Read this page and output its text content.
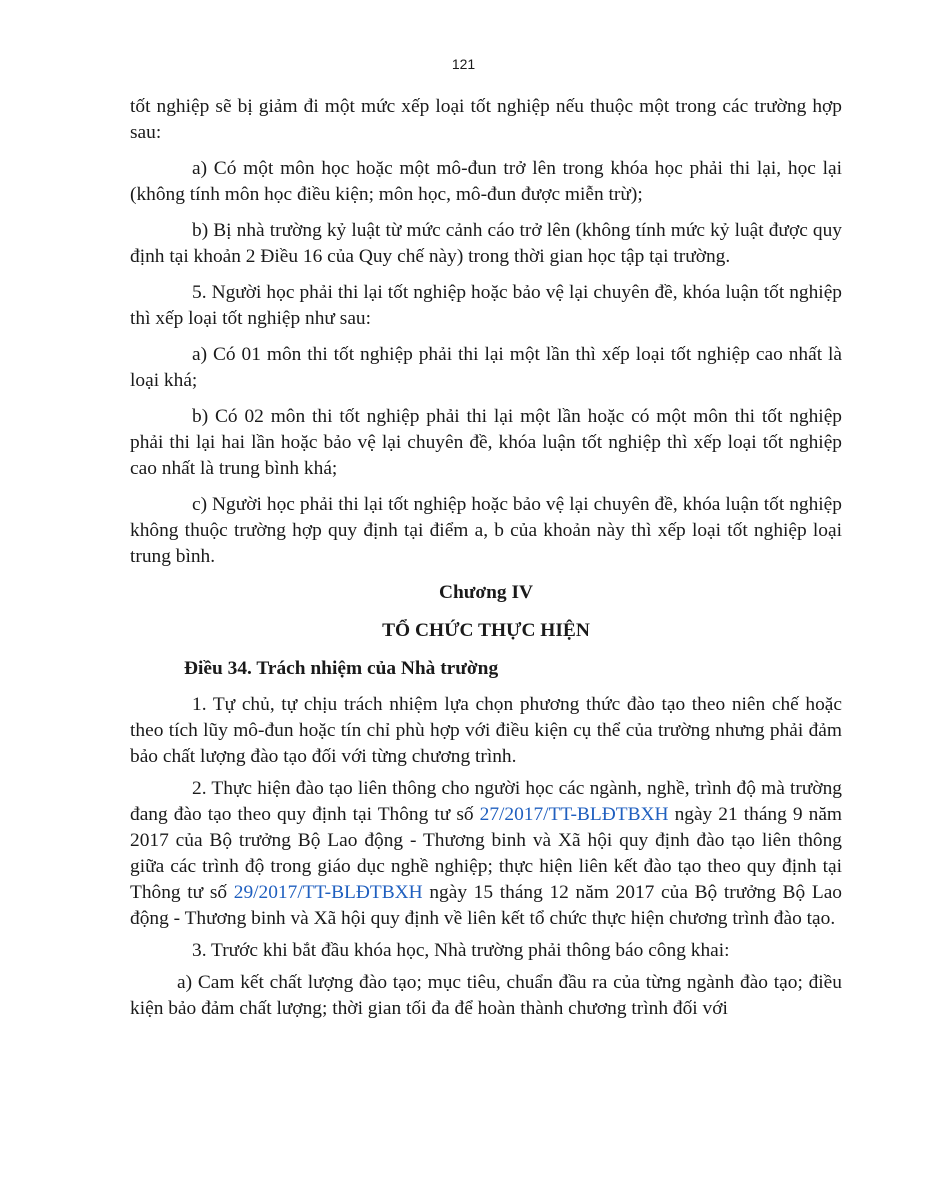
121

tốt nghiệp sẽ bị giảm đi một mức xếp loại tốt nghiệp nếu thuộc một trong các trường hợp sau:

a) Có một môn học hoặc một mô-đun trở lên trong khóa học phải thi lại, học lại (không tính môn học điều kiện; môn học, mô-đun được miễn trừ);

b) Bị nhà trường kỷ luật từ mức cảnh cáo trở lên (không tính mức kỷ luật được quy định tại khoản 2 Điều 16 của Quy chế này) trong thời gian học tập tại trường.

5. Người học phải thi lại tốt nghiệp hoặc bảo vệ lại chuyên đề, khóa luận tốt nghiệp thì xếp loại tốt nghiệp như sau:

a) Có 01 môn thi tốt nghiệp phải thi lại một lần thì xếp loại tốt nghiệp cao nhất là loại khá;

b) Có 02 môn thi tốt nghiệp phải thi lại một lần hoặc có một môn thi tốt nghiệp phải thi lại hai lần hoặc bảo vệ lại chuyên đề, khóa luận tốt nghiệp thì xếp loại tốt nghiệp cao nhất là trung bình khá;

c) Người học phải thi lại tốt nghiệp hoặc bảo vệ lại chuyên đề, khóa luận tốt nghiệp không thuộc trường hợp quy định tại điểm a, b của khoản này thì xếp loại tốt nghiệp loại trung bình.

Chương IV
TỔ CHỨC THỰC HIỆN
Điều 34. Trách nhiệm của Nhà trường

1. Tự chủ, tự chịu trách nhiệm lựa chọn phương thức đào tạo theo niên chế hoặc theo tích lũy mô-đun hoặc tín chỉ phù hợp với điều kiện cụ thể của trường nhưng phải đảm bảo chất lượng đào tạo đối với từng chương trình.

2. Thực hiện đào tạo liên thông cho người học các ngành, nghề, trình độ mà trường đang đào tạo theo quy định tại Thông tư số 27/2017/TT-BLĐTBXH ngày 21 tháng 9 năm 2017 của Bộ trưởng Bộ Lao động - Thương binh và Xã hội quy định đào tạo liên thông giữa các trình độ trong giáo dục nghề nghiệp; thực hiện liên kết đào tạo theo quy định tại Thông tư số 29/2017/TT-BLĐTBXH ngày 15 tháng 12 năm 2017 của Bộ trưởng Bộ Lao động - Thương binh và Xã hội quy định về liên kết tổ chức thực hiện chương trình đào tạo.

3. Trước khi bắt đầu khóa học, Nhà trường phải thông báo công khai:

a) Cam kết chất lượng đào tạo; mục tiêu, chuẩn đầu ra của từng ngành đào tạo; điều kiện bảo đảm chất lượng; thời gian tối đa để hoàn thành chương trình đối với
